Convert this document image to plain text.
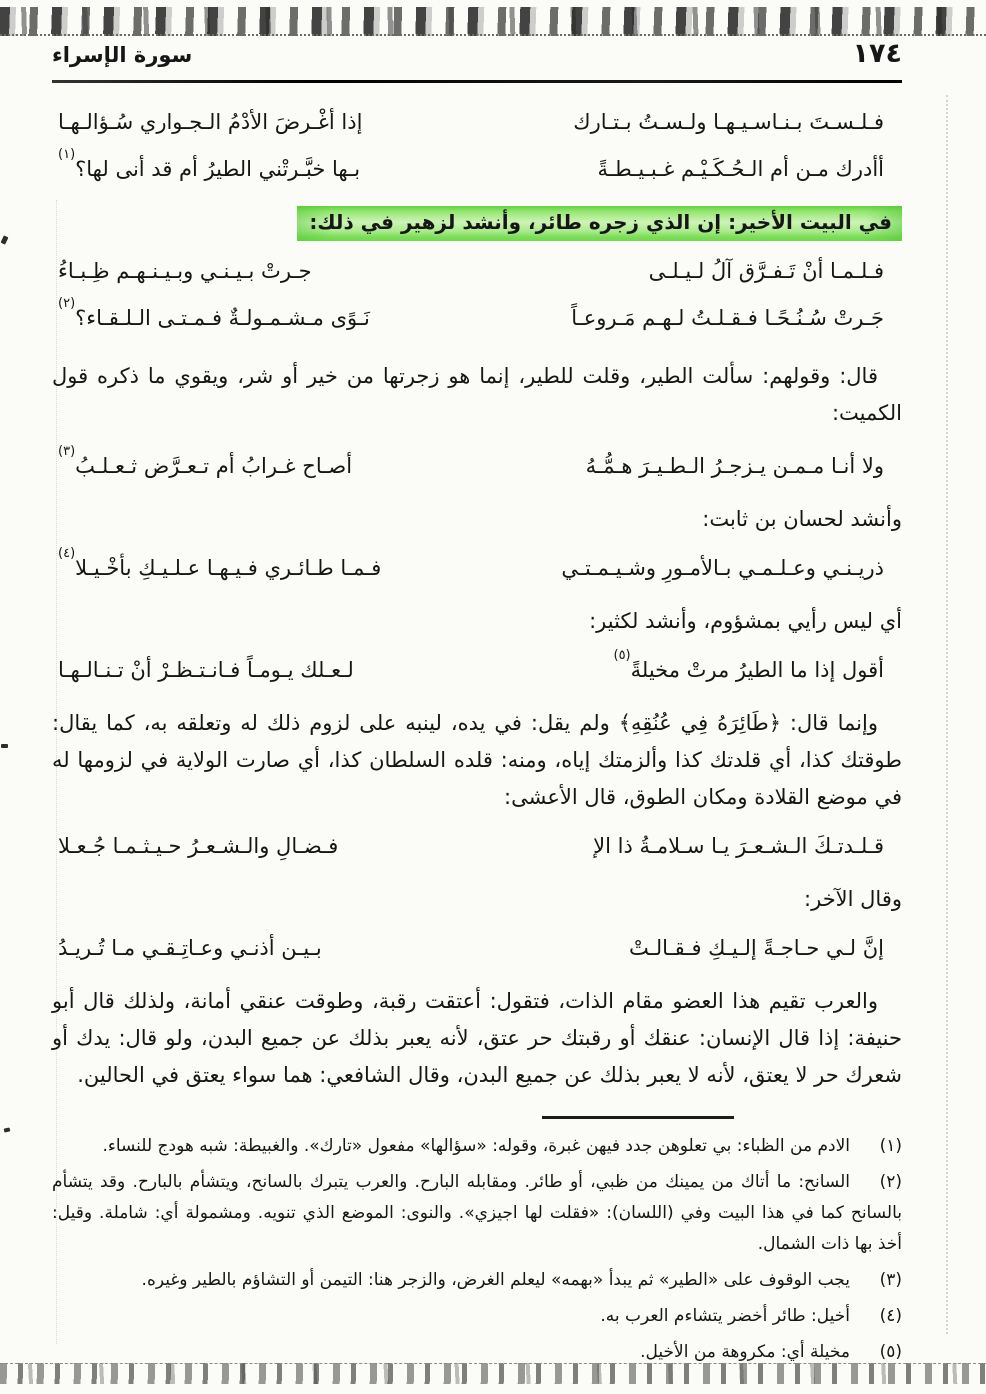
سورة الإسراء	١٧٤
فـلـسـتَ بـنـاسـيـهـا ولـسـتُ بـتـارك
إذا أغْـرضَ الأدْمُ الـجـواري سُـؤالـهـا
أأدرك مـن أم الـحُـكَـيْـم غـبـيـطـةً
بـها خبَّـرتْني الطيرُ أم قد أنى لها؟$^{(١)}$
في البيت الأخير: إن الذي زجره طائر، وأنشد لزهير في ذلك:
فـلـمـا أنْ تَـفـرَّق آلُ لـيـلـى
جـرتْ بـيـنـي وبـيـنـهـم ظِـبـاءُ
جَـرتْ سُـنُـحًـا فـقـلـتُ لـهـم مَـروعـاً
نَـوًى مـشـمـولـةٌ فـمـتـى الـلـقـاء؟$^{(٢)}$

قال: وقولهم: سألت الطير، وقلت للطير، إنما هو زجرتها من خير أو شر، ويقوي ما ذكره قول الكميت:

ولا أنـا مـمـن يـزجـرُ الـطـيـرَ هـمُّـهُ
أصـاح غـرابُ أم تـعـرَّض ثـعـلـبُ$^{(٣)}$

وأنشد لحسان بن ثابت:

ذريـنـي وعـلـمـي بـالأمـورِ وشـيـمـتـي
فـمـا طـائـري فـيـهـا عـلـيـكِ بأخْـيـلا$^{(٤)}$

أي ليس رأيي بمشؤوم، وأنشد لكثير:

أقول إذا ما الطيرُ مرتْ مخيلةً$^{(٥)}$
لـعـلك يـومـاً فـانـتـظـرْ أنْ تـنـالـهـا

وإنما قال: ﴿طَائِرَهُ فِي عُنُقِهِ﴾ ولم يقل: في يده، لينبه على لزوم ذلك له وتعلقه به، كما يقال: طوقتك كذا، أي قلدتك كذا وألزمتك إياه، ومنه: قلده السلطان كذا، أي صارت الولاية في لزومها له في موضع القلادة ومكان الطوق، قال الأعشى:

قـلـدتـكَ الـشـعـرَ يـا سـلامـةُ ذا الإ
فـضـالِ والـشـعـرُ حـيـثـمـا جُـعـلا

وقال الآخر:

إنَّ لـي حـاجـةً إلـيـكِ فـقـالـتْ
بـيـن أذنـي وعـاتِـقـي مـا تُـريـدُ

والعرب تقيم هذا العضو مقام الذات، فتقول: أعتقت رقبة، وطوقت عنقي أمانة، ولذلك قال أبو حنيفة: إذا قال الإنسان: عنقك أو رقبتك حر عتق، لأنه يعبر بذلك عن جميع البدن، ولو قال: يدك أو شعرك حر لا يعتق، لأنه لا يعبر بذلك عن جميع البدن، وقال الشافعي: هما سواء يعتق في الحالين.

(١)الادم من الظباء: بي تعلوهن جدد فيهن غبرة، وقوله: «سؤالها» مفعول «تارك». والغبيطة: شبه هودج للنساء.

(٢)السانح: ما أتاك من يمينك من ظبي، أو طائر. ومقابله البارح. والعرب يتبرك بالسانح، ويتشأم بالبارح. وقد يتشأم بالسانح كما في هذا البيت وفي (اللسان): «فقلت لها اجيزي». والنوى: الموضع الذي تنويه. ومشمولة أي: شاملة. وقيل: أخذ بها ذات الشمال.

(٣)يجب الوقوف على «الطير» ثم يبدأ «بهمه» ليعلم الغرض، والزجر هنا: التيمن أو التشاؤم بالطير وغيره.

(٤)أخيل: طائر أخضر يتشاءم العرب به.

(٥)مخيلة أي: مكروهة من الأخيل.
